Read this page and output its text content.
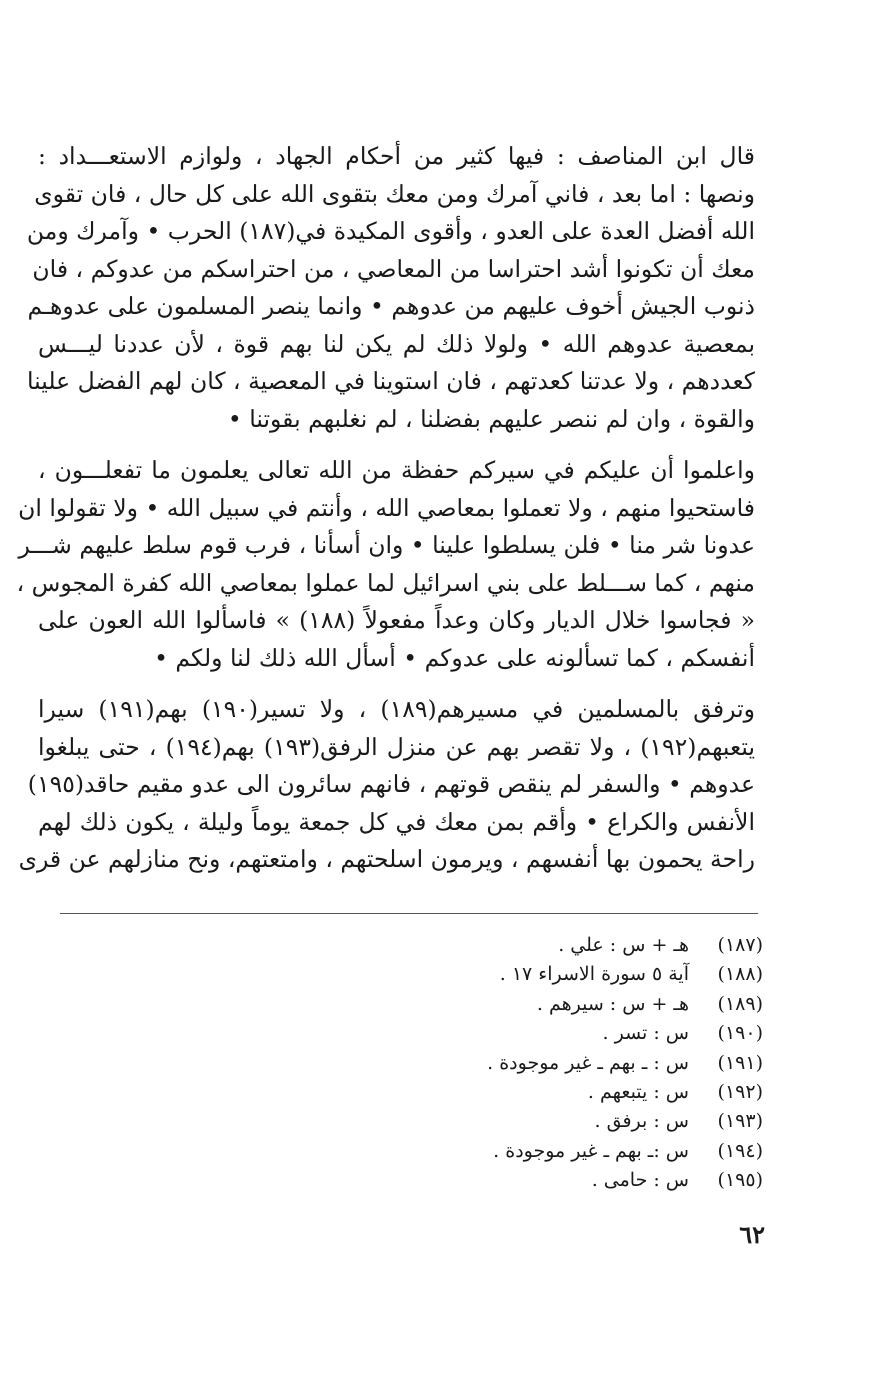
قال ابن المناصف : فيها كثير من أحكام الجهاد ، ولوازم الاستعـــداد :
ونصها : اما بعد ، فاني آمرك ومن معك بتقوى الله على كل حال ، فان تقوى
الله أفضل العدة على العدو ، وأقوى المكيدة في(١٨٧) الحرب • وآمرك ومن
معك أن تكونوا أشد احتراسا من المعاصي ، من احتراسكم من عدوكم ، فان
ذنوب الجيش أخوف عليهم من عدوهم • وانما ينصر المسلمون على عدوهـم
بمعصية عدوهم الله • ولولا ذلك لم يكن لنا بهم قوة ، لأن عددنا ليـــس
كعددهم ، ولا عدتنا كعدتهم ، فان استوينا في المعصية ، كان لهم الفضل علينا
والقوة ، وان لم ننصر عليهم بفضلنا ، لم نغلبهم بقوتنا •
واعلموا أن عليكم في سيركم حفظة من الله تعالى يعلمون ما تفعلـــون ،
فاستحيوا منهم ، ولا تعملوا بمعاصي الله ، وأنتم في سبيل الله • ولا تقولوا ان
عدونا شر منا • فلن يسلطوا علينا • وان أسأنا ، فرب قوم سلط عليهم شـــر
منهم ، كما ســـلط على بني اسرائيل لما عملوا بمعاصي الله كفرة المجوس ،
« فجاسوا خلال الديار وكان وعداً مفعولاً (١٨٨) » فاسألوا الله العون على
أنفسكم ، كما تسألونه على عدوكم • أسأل الله ذلك لنا ولكم •
وترفق بالمسلمين في مسيرهم(١٨٩) ، ولا تسير(١٩٠) بهم(١٩١) سيرا
يتعبهم(١٩٢) ، ولا تقصر بهم عن منزل الرفق(١٩٣) بهم(١٩٤) ، حتى يبلغوا
عدوهم • والسفر لم ينقص قوتهم ، فانهم سائرون الى عدو مقيم حاقد(١٩٥)
الأنفس والكراع • وأقم بمن معك في كل جمعة يوماً وليلة ، يكون ذلك لهم
راحة يحمون بها أنفسهم ، ويرمون اسلحتهم ، وامتعتهم، ونح منازلهم عن قرى
(١٨٧)
هـ + س : علي .
(١٨٨)
آية ٥ سورة الاسراء ١٧ .
(١٨٩)
هـ + س : سيرهم .
(١٩٠)
س : تسر .
(١٩١)
س : ـ بهم ـ غير موجودة .
(١٩٢)
س : يتبعهم .
(١٩٣)
س : برفق .
(١٩٤)
س :ـ بهم ـ غير موجودة .
(١٩٥)
س : حامى .
٦٢
